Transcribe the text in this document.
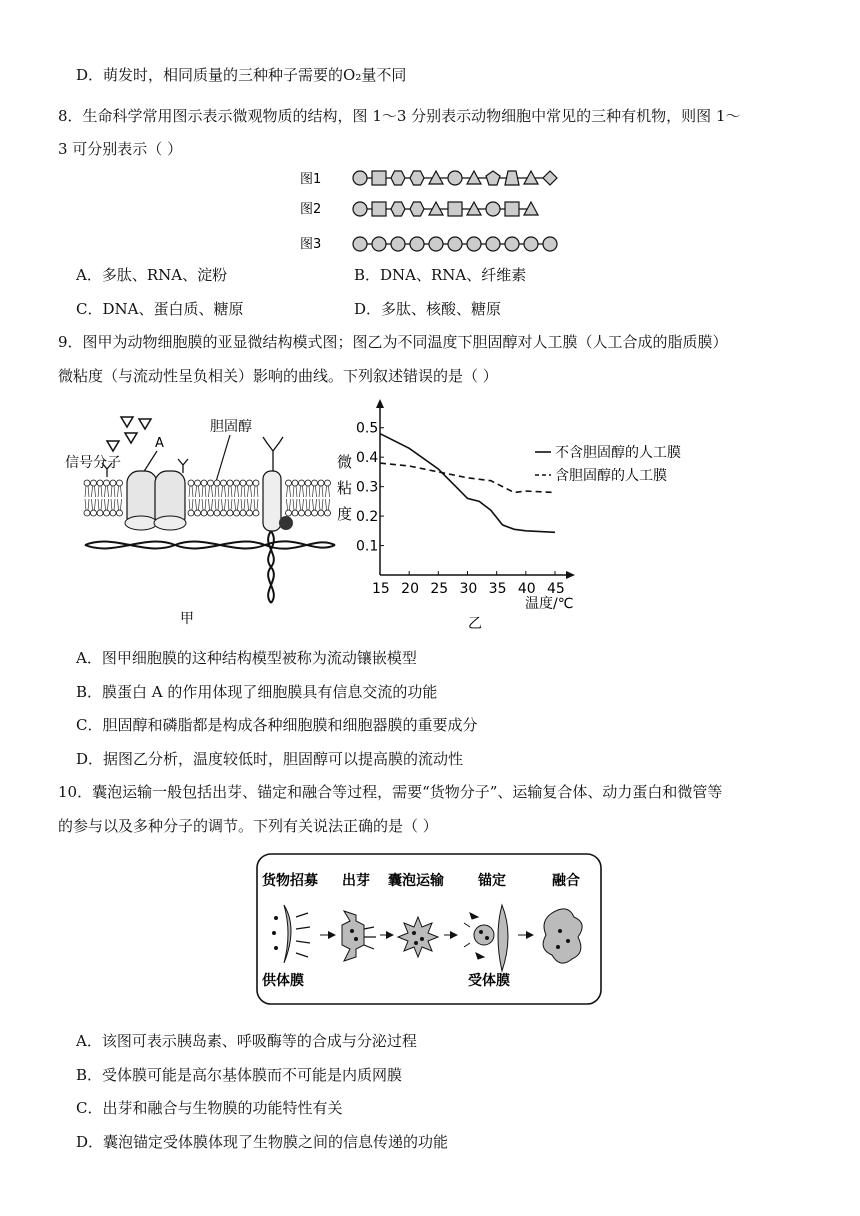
D．萌发时，相同质量的三种种子需要的O₂量不同
8．生命科学常用图示表示微观物质的结构，图 1～3 分别表示动物细胞中常见的三种有机物，则图 1～
3 可分别表示（ ）
图1
图2
图3
A．多肽、RNA、淀粉	B．DNA、RNA、纤维素
C．DNA、蛋白质、糖原	D．多肽、核酸、糖原
9．图甲为动物细胞膜的亚显微结构模式图；图乙为不同温度下胆固醇对人工膜（人工合成的脂质膜）
微粘度（与流动性呈负相关）影响的曲线。下列叙述错误的是（ ）
信号分子
A
胆固醇
甲
15 20 25 30 35 40 45
0.1
0.2
0.3
0.4
0.5
微粘度
温度/℃
乙
不含胆固醇的人工膜
含胆固醇的人工膜
A．图甲细胞膜的这种结构模型被称为流动镶嵌模型
B．膜蛋白 A 的作用体现了细胞膜具有信息交流的功能
C．胆固醇和磷脂都是构成各种细胞膜和细胞器膜的重要成分
D．据图乙分析，温度较低时，胆固醇可以提高膜的流动性
10．囊泡运输一般包括出芽、锚定和融合等过程，需要“货物分子”、运输复合体、动力蛋白和微管等
的参与以及多种分子的调节。下列有关说法正确的是（ ）
货物招募 出芽 囊泡运输 锚定	融合
供体膜	受体膜
A．该图可表示胰岛素、呼吸酶等的合成与分泌过程
B．受体膜可能是高尔基体膜而不可能是内质网膜
C．出芽和融合与生物膜的功能特性有关
D．囊泡锚定受体膜体现了生物膜之间的信息传递的功能
